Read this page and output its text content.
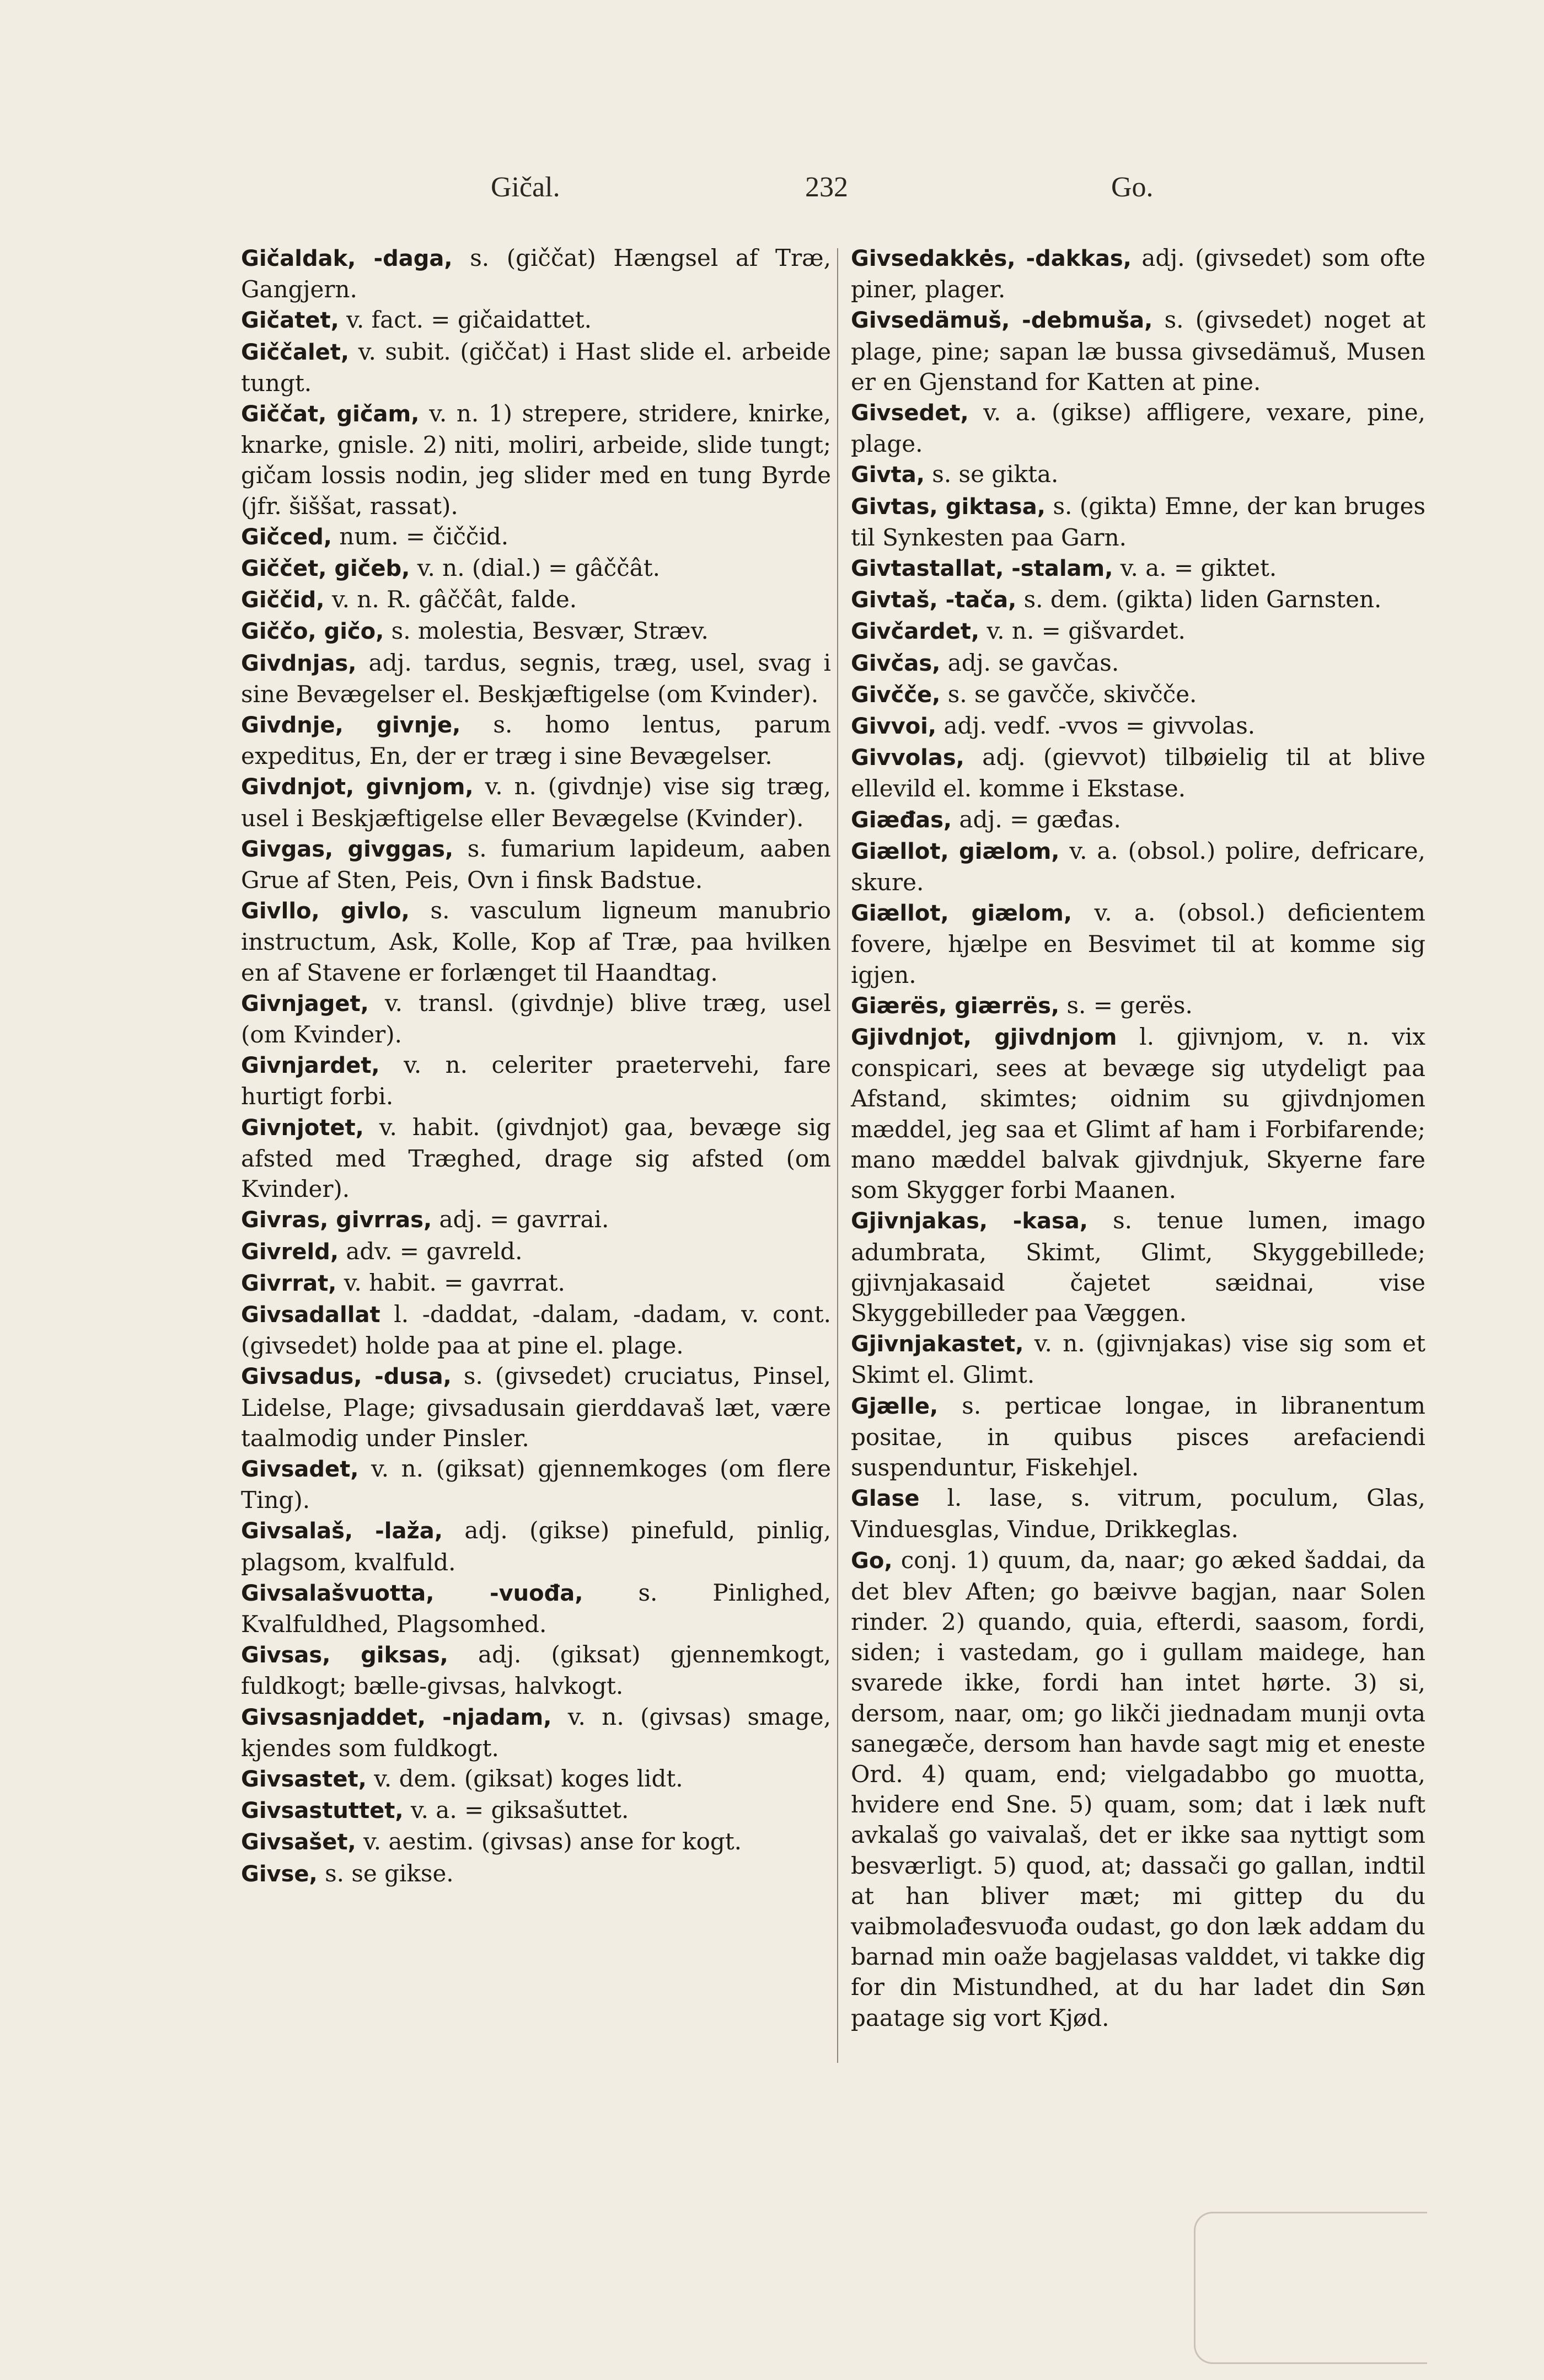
Gičal.	232	Go.

Gičaldak, -daga, s. (giččat) Hængsel af Træ, Gangjern.

Gičatet, v. fact. = gičaidattet.

Giččalet, v. subit. (giččat) i Hast slide el. arbeide tungt.

Giččat, gičam, v. n. 1) strepere, stridere, knirke, knarke, gnisle. 2) niti, moliri, arbeide, slide tungt; gičam lossis nodin, jeg slider med en tung Byrde (jfr. šiššat, rassat).

Gičced, num. = čiččid.

Giččet, gičeb, v. n. (dial.) = gâččât.

Giččid, v. n. R. gâččât, falde.

Giččo, gičo, s. molestia, Besvær, Stræv.

Givdnjas, adj. tardus, segnis, træg, usel, svag i sine Bevægelser el. Beskjæftigelse (om Kvinder).

Givdnje, givnje, s. homo lentus, parum expeditus, En, der er træg i sine Bevægelser.

Givdnjot, givnjom, v. n. (givdnje) vise sig træg, usel i Beskjæftigelse eller Bevægelse (Kvinder).

Givgas, givggas, s. fumarium lapideum, aaben Grue af Sten, Peis, Ovn i finsk Badstue.

Givllo, givlo, s. vasculum ligneum manubrio instructum, Ask, Kolle, Kop af Træ, paa hvilken en af Stavene er forlænget til Haandtag.

Givnjaget, v. transl. (givdnje) blive træg, usel (om Kvinder).

Givnjardet, v. n. celeriter praetervehi, fare hurtigt forbi.

Givnjotet, v. habit. (givdnjot) gaa, bevæge sig afsted med Træghed, drage sig afsted (om Kvinder).

Givras, givrras, adj. = gavrrai.

Givreld, adv. = gavreld.

Givrrat, v. habit. = gavrrat.

Givsadallat l. -daddat, -dalam, -dadam, v. cont. (givsedet) holde paa at pine el. plage.

Givsadus, -dusa, s. (givsedet) cruciatus, Pinsel, Lidelse, Plage; givsadusain gierddavaš læt, være taalmodig under Pinsler.

Givsadet, v. n. (giksat) gjennemkoges (om flere Ting).

Givsalaš, -laža, adj. (gikse) pinefuld, pinlig, plagsom, kvalfuld.

Givsalašvuotta, -vuođa, s. Pinlighed, Kvalfuldhed, Plagsomhed.

Givsas, giksas, adj. (giksat) gjennemkogt, fuldkogt; bælle-givsas, halvkogt.

Givsasnjaddet, -njadam, v. n. (givsas) smage, kjendes som fuldkogt.

Givsastet, v. dem. (giksat) koges lidt.

Givsastuttet, v. a. = giksašuttet.

Givsašet, v. aestim. (givsas) anse for kogt.

Givse, s. se gikse.

Givsedakkės, -dakkas, adj. (givsedet) som ofte piner, plager.

Givsedämuš, -debmuša, s. (givsedet) noget at plage, pine; sapan læ bussa givsedämuš, Musen er en Gjenstand for Katten at pine.

Givsedet, v. a. (gikse) affligere, vexare, pine, plage.

Givta, s. se gikta.

Givtas, giktasa, s. (gikta) Emne, der kan bruges til Synkesten paa Garn.

Givtastallat, -stalam, v. a. = giktet.

Givtaš, -tača, s. dem. (gikta) liden Garnsten.

Givčardet, v. n. = gišvardet.

Givčas, adj. se gavčas.

Givčče, s. se gavčče, skivčče.

Givvoi, adj. vedf. -vvos = givvolas.

Givvolas, adj. (gievvot) tilbøielig til at blive ellevild el. komme i Ekstase.

Giæđas, adj. = gæđas.

Giællot, giælom, v. a. (obsol.) polire, defricare, skure.

Giællot, giælom, v. a. (obsol.) deficientem fovere, hjælpe en Besvimet til at komme sig igjen.

Giærës, giærrës, s. = gerës.

Gjivdnjot, gjivdnjom l. gjivnjom, v. n. vix conspicari, sees at bevæge sig utydeligt paa Afstand, skimtes; oidnim su gjivdnjomen mæddel, jeg saa et Glimt af ham i Forbifarende; mano mæddel balvak gjivdnjuk, Skyerne fare som Skygger forbi Maanen.

Gjivnjakas, -kasa, s. tenue lumen, imago adumbrata, Skimt, Glimt, Skyggebillede; gjivnjakasaid čajetet sæidnai, vise Skyggebilleder paa Væggen.

Gjivnjakastet, v. n. (gjivnjakas) vise sig som et Skimt el. Glimt.

Gjælle, s. perticae longae, in libranentum positae, in quibus pisces arefaciendi suspenduntur, Fiskehjel.

Glase l. lase, s. vitrum, poculum, Glas, Vinduesglas, Vindue, Drikkeglas.

Go, conj. 1) quum, da, naar; go æked šaddai, da det blev Aften; go bæivve bagjan, naar Solen rinder. 2) quando, quia, efterdi, saasom, fordi, siden; i vastedam, go i gullam maidege, han svarede ikke, fordi han intet hørte. 3) si, dersom, naar, om; go likči jiednadam munji ovta sanegæče, dersom han havde sagt mig et eneste Ord. 4) quam, end; vielgadabbo go muotta, hvidere end Sne. 5) quam, som; dat i læk nuft avkalaš go vaivalaš, det er ikke saa nyttigt som besværligt. 5) quod, at; dassači go gallan, indtil at han bliver mæt; mi gittep du du vaibmolađesvuođa oudast, go don læk addam du barnad min oaže bagjelasas valddet, vi takke dig for din Mistundhed, at du har ladet din Søn paatage sig vort Kjød.
